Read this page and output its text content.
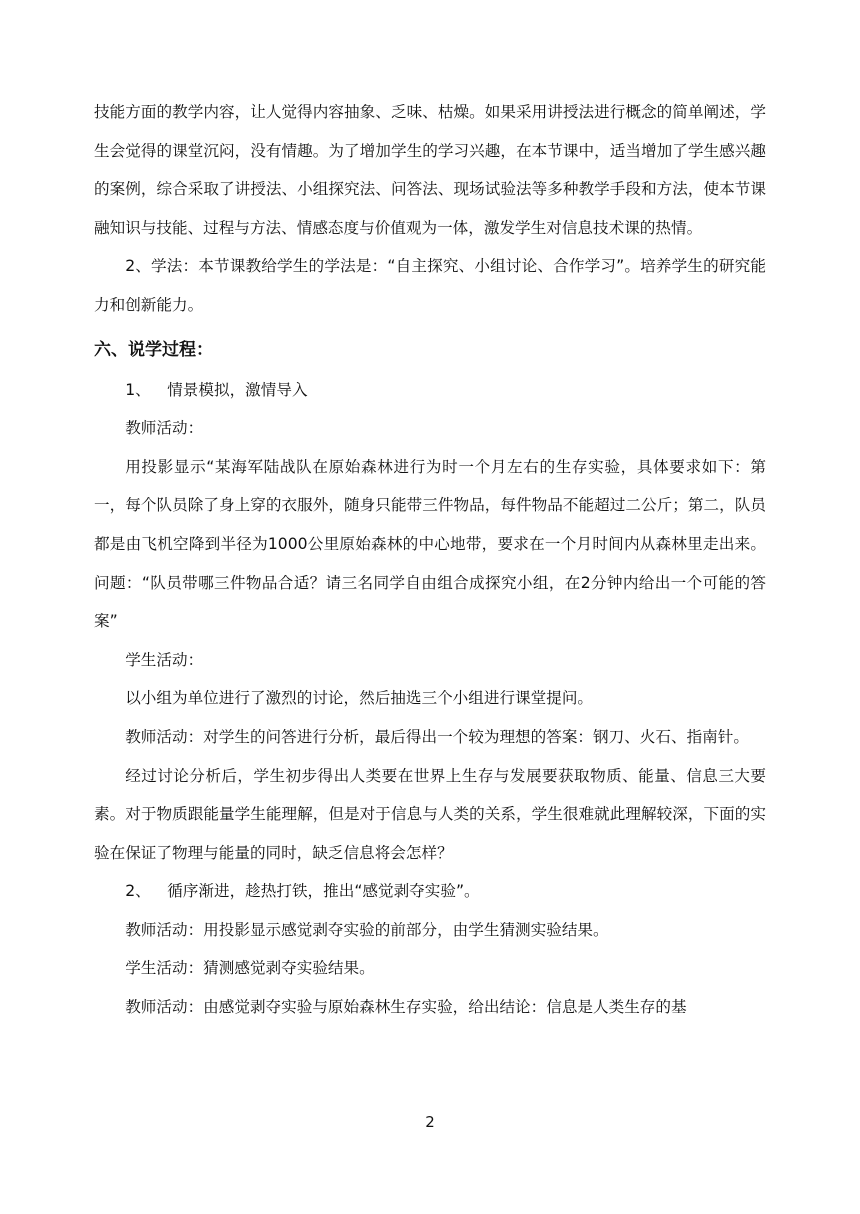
技能方面的教学内容，让人觉得内容抽象、乏味、枯燥。如果采用讲授法进行概念的简单阐述，学生会觉得的课堂沉闷，没有情趣。为了增加学生的学习兴趣，在本节课中，适当增加了学生感兴趣的案例，综合采取了讲授法、小组探究法、问答法、现场试验法等多种教学手段和方法，使本节课融知识与技能、过程与方法、情感态度与价值观为一体，激发学生对信息技术课的热情。

2、学法：本节课教给学生的学法是：“自主探究、小组讨论、合作学习”。培养学生的研究能力和创新能力。

六、说学过程：

1、 情景模拟，激情导入

教师活动：

用投影显示“某海军陆战队在原始森林进行为时一个月左右的生存实验，具体要求如下：第一，每个队员除了身上穿的衣服外，随身只能带三件物品，每件物品不能超过二公斤；第二，队员都是由飞机空降到半径为1000公里原始森林的中心地带，要求在一个月时间内从森林里走出来。问题：“队员带哪三件物品合适？请三名同学自由组合成探究小组，在2分钟内给出一个可能的答案”

学生活动：

以小组为单位进行了激烈的讨论，然后抽选三个小组进行课堂提问。

教师活动：对学生的问答进行分析，最后得出一个较为理想的答案：钢刀、火石、指南针。

经过讨论分析后，学生初步得出人类要在世界上生存与发展要获取物质、能量、信息三大要素。对于物质跟能量学生能理解，但是对于信息与人类的关系，学生很难就此理解较深，下面的实验在保证了物理与能量的同时，缺乏信息将会怎样？

2、 循序渐进，趁热打铁，推出“感觉剥夺实验”。

教师活动：用投影显示感觉剥夺实验的前部分，由学生猜测实验结果。

学生活动：猜测感觉剥夺实验结果。

教师活动：由感觉剥夺实验与原始森林生存实验，给出结论：信息是人类生存的基

2
